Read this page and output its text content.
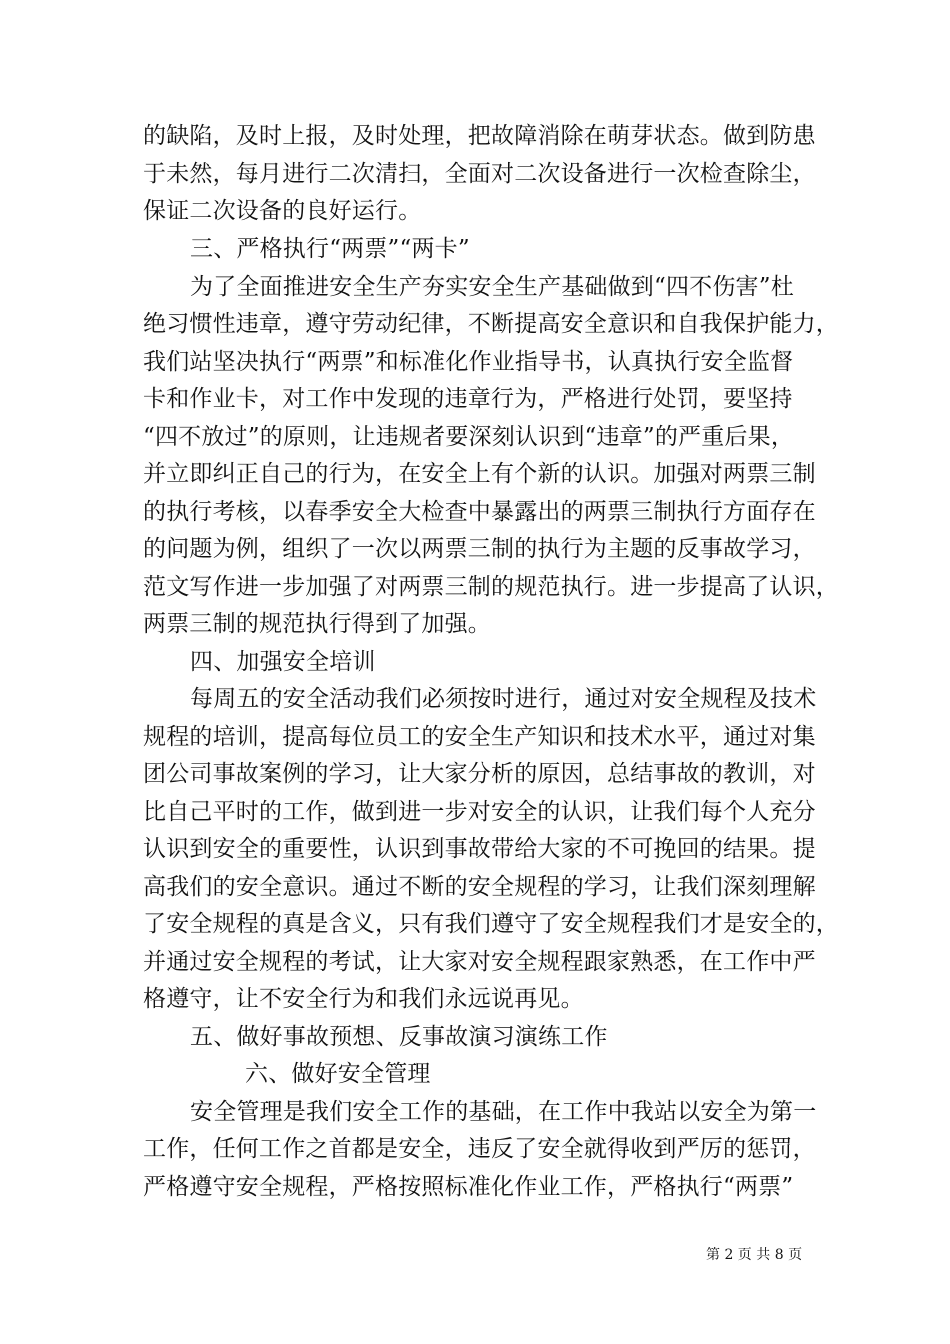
的缺陷，及时上报，及时处理，把故障消除在萌芽状态。做到防患
于未然，每月进行二次清扫，全面对二次设备进行一次检查除尘，
保证二次设备的良好运行。
三、严格执行“两票”“两卡”
为了全面推进安全生产夯实安全生产基础做到“四不伤害”杜
绝习惯性违章，遵守劳动纪律，不断提高安全意识和自我保护能力，
我们站坚决执行“两票”和标准化作业指导书，认真执行安全监督
卡和作业卡，对工作中发现的违章行为，严格进行处罚，要坚持
“四不放过”的原则，让违规者要深刻认识到“违章”的严重后果，
并立即纠正自己的行为，在安全上有个新的认识。加强对两票三制
的执行考核，以春季安全大检查中暴露出的两票三制执行方面存在
的问题为例，组织了一次以两票三制的执行为主题的反事故学习，
范文写作进一步加强了对两票三制的规范执行。进一步提高了认识，
两票三制的规范执行得到了加强。
四、加强安全培训
每周五的安全活动我们必须按时进行，通过对安全规程及技术
规程的培训，提高每位员工的安全生产知识和技术水平，通过对集
团公司事故案例的学习，让大家分析的原因，总结事故的教训，对
比自己平时的工作，做到进一步对安全的认识，让我们每个人充分
认识到安全的重要性，认识到事故带给大家的不可挽回的结果。提
高我们的安全意识。通过不断的安全规程的学习，让我们深刻理解
了安全规程的真是含义，只有我们遵守了安全规程我们才是安全的，
并通过安全规程的考试，让大家对安全规程跟家熟悉，在工作中严
格遵守，让不安全行为和我们永远说再见。
五、做好事故预想、反事故演习演练工作
六、做好安全管理
安全管理是我们安全工作的基础，在工作中我站以安全为第一
工作，任何工作之首都是安全，违反了安全就得收到严厉的惩罚，
严格遵守安全规程，严格按照标准化作业工作，严格执行“两票”
第 2 页 共 8 页
